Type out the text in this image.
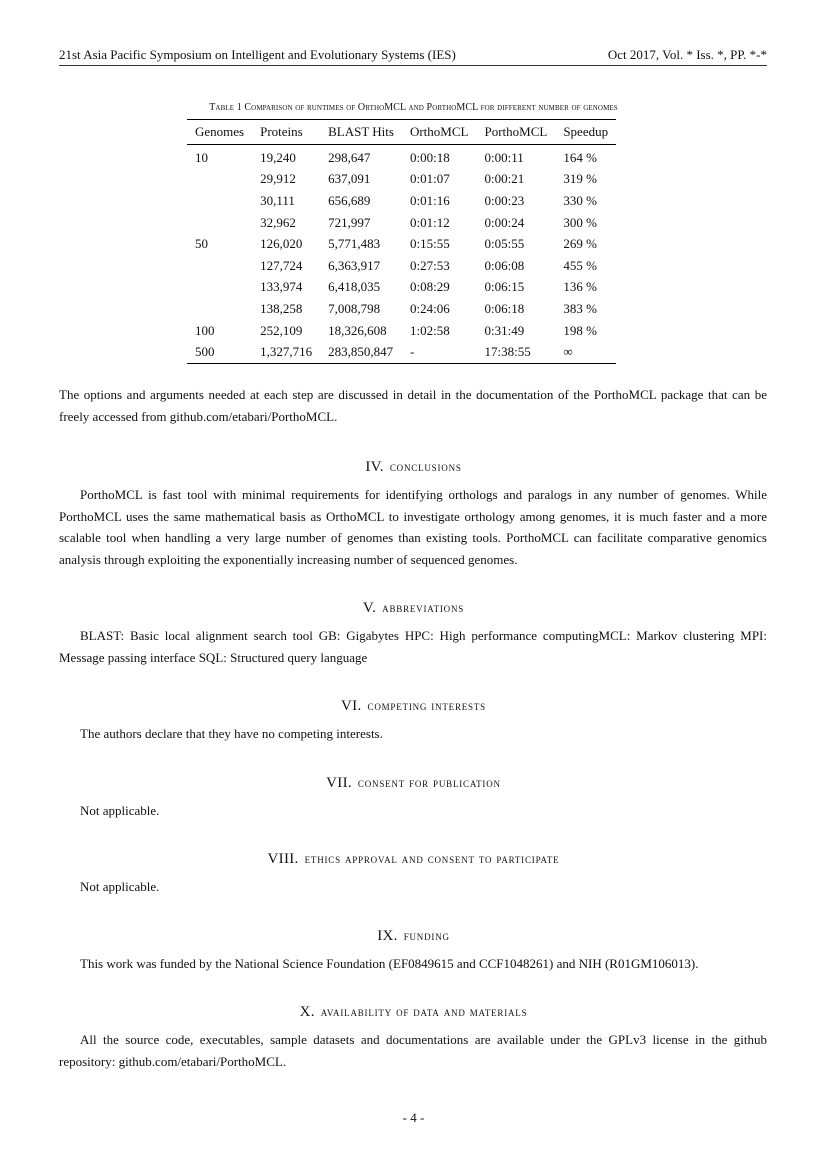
21st Asia Pacific Symposium on Intelligent and Evolutionary Systems (IES)	Oct 2017, Vol. * Iss. *, PP. *-*
Table 1 Comparison of runtimes of OrthoMCL and PorthoMCL for different number of genomes
Genomes	Proteins	BLAST Hits	OrthoMCL	PorthoMCL	Speedup
10	19,240	298,647	0:00:18	0:00:11	164 %
	29,912	637,091	0:01:07	0:00:21	319 %
	30,111	656,689	0:01:16	0:00:23	330 %
	32,962	721,997	0:01:12	0:00:24	300 %
50	126,020	5,771,483	0:15:55	0:05:55	269 %
	127,724	6,363,917	0:27:53	0:06:08	455 %
	133,974	6,418,035	0:08:29	0:06:15	136 %
	138,258	7,008,798	0:24:06	0:06:18	383 %
100	252,109	18,326,608	1:02:58	0:31:49	198 %
500	1,327,716	283,850,847	-	17:38:55	∞
The options and arguments needed at each step are discussed in detail in the documentation of the PorthoMCL package that can be freely accessed from github.com/etabari/PorthoMCL.
IV. conclusions
PorthoMCL is fast tool with minimal requirements for identifying orthologs and paralogs in any number of genomes. While PorthoMCL uses the same mathematical basis as OrthoMCL to investigate orthology among genomes, it is much faster and a more scalable tool when handling a very large number of genomes than existing tools. PorthoMCL can facilitate comparative genomics analysis through exploiting the exponentially increasing number of sequenced genomes.
V. abbreviations
BLAST: Basic local alignment search tool GB: Gigabytes HPC: High performance computingMCL: Markov clustering MPI: Message passing interface SQL: Structured query language
VI. competing interests
The authors declare that they have no competing interests.
VII. consent for publication
Not applicable.
VIII. ethics approval and consent to participate
Not applicable.
IX. funding
This work was funded by the National Science Foundation (EF0849615 and CCF1048261) and NIH (R01GM106013).
X. availability of data and materials
All the source code, executables, sample datasets and documentations are available under the GPLv3 license in the github repository: github.com/etabari/PorthoMCL.
- 4 -
